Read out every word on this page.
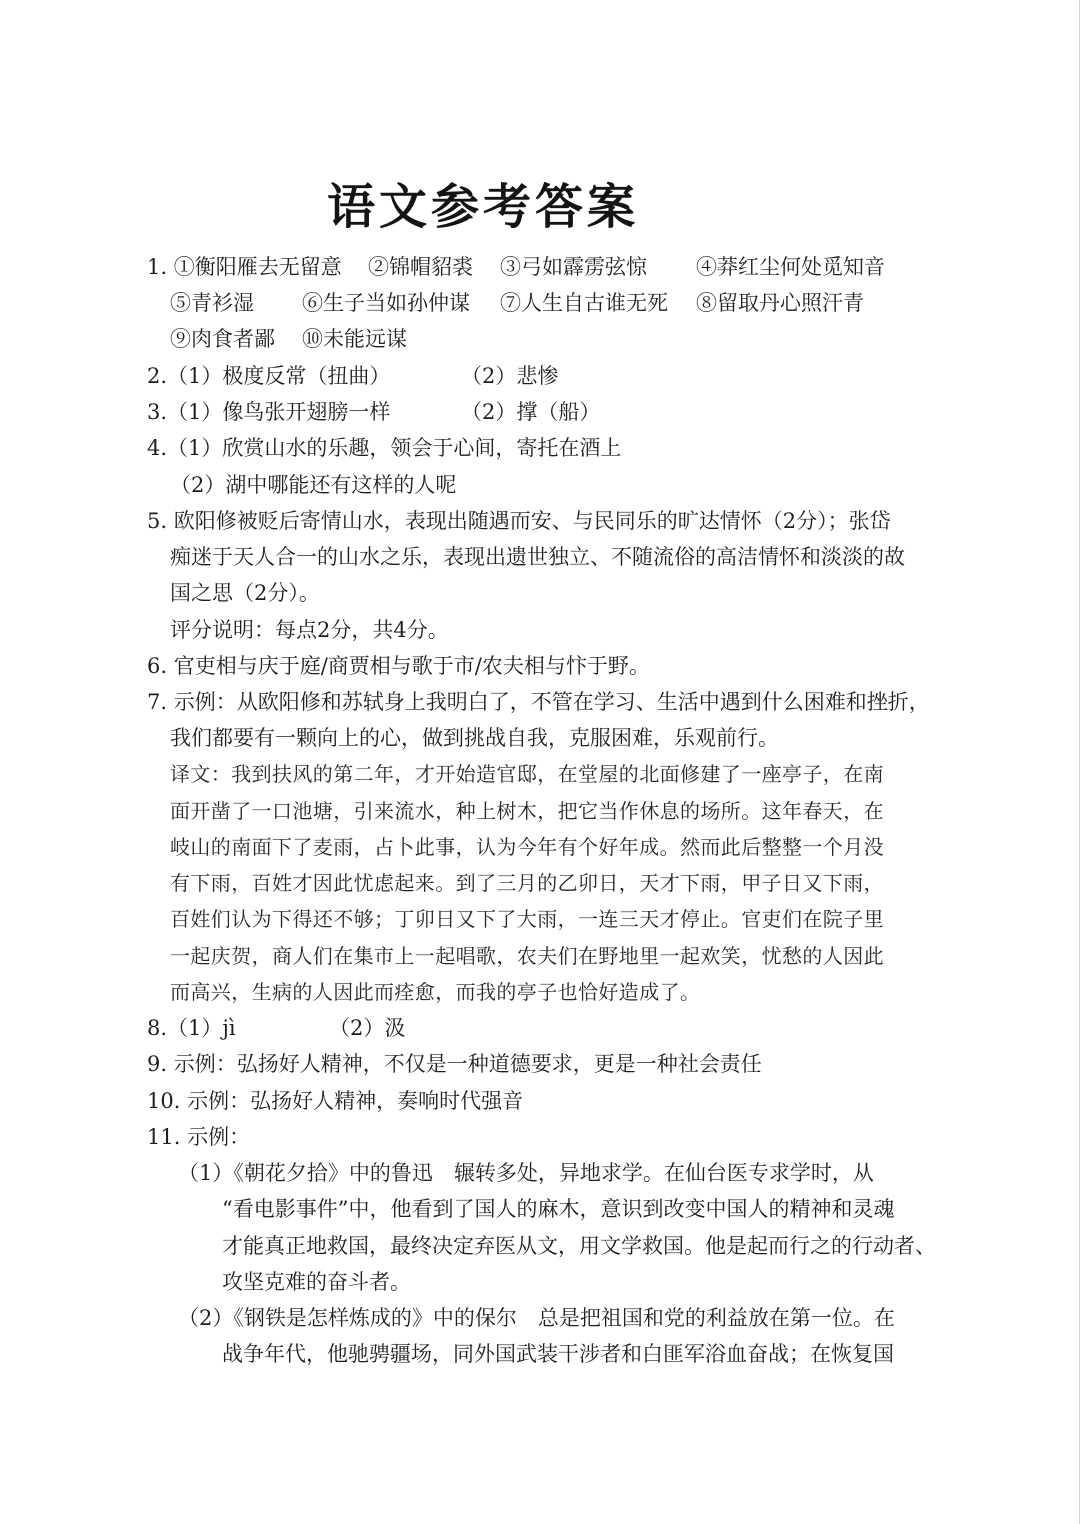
语文参考答案
1. ①衡阳雁去无留意 ②锦帽貂裘 ③弓如霹雳弦惊 ④莽红尘何处觅知音
⑤青衫湿 ⑥生子当如孙仲谋 ⑦人生自古谁无死 ⑧留取丹心照汗青
⑨肉食者鄙 ⑩未能远谋
2.（1）极度反常（扭曲）	（2）悲惨
3.（1）像鸟张开翅膀一样	（2）撑（船）
4.（1）欣赏山水的乐趣，领会于心间，寄托在酒上
（2）湖中哪能还有这样的人呢
5. 欧阳修被贬后寄情山水，表现出随遇而安、与民同乐的旷达情怀（2分）；张岱
痴迷于天人合一的山水之乐，表现出遗世独立、不随流俗的高洁情怀和淡淡的故
国之思（2分）。
评分说明：每点2分，共4分。
6. 官吏相与庆于庭/商贾相与歌于市/农夫相与忭于野。
7. 示例：从欧阳修和苏轼身上我明白了，不管在学习、生活中遇到什么困难和挫折，
我们都要有一颗向上的心，做到挑战自我，克服困难，乐观前行。
译文：我到扶风的第二年，才开始造官邸，在堂屋的北面修建了一座亭子，在南
面开凿了一口池塘，引来流水，种上树木，把它当作休息的场所。这年春天，在
岐山的南面下了麦雨，占卜此事，认为今年有个好年成。然而此后整整一个月没
有下雨，百姓才因此忧虑起来。到了三月的乙卯日，天才下雨，甲子日又下雨，
百姓们认为下得还不够；丁卯日又下了大雨，一连三天才停止。官吏们在院子里
一起庆贺，商人们在集市上一起唱歌，农夫们在野地里一起欢笑，忧愁的人因此
而高兴，生病的人因此而痊愈，而我的亭子也恰好造成了。
8.（1）jì	（2）汲
9. 示例：弘扬好人精神，不仅是一种道德要求，更是一种社会责任
10. 示例：弘扬好人精神，奏响时代强音
11. 示例：
（1）《朝花夕拾》中的鲁迅　辗转多处，异地求学。在仙台医专求学时，从
“看电影事件”中，他看到了国人的麻木，意识到改变中国人的精神和灵魂
才能真正地救国，最终决定弃医从文，用文学救国。他是起而行之的行动者、
攻坚克难的奋斗者。
（2）《钢铁是怎样炼成的》中的保尔　总是把祖国和党的利益放在第一位。在
战争年代，他驰骋疆场，同外国武装干涉者和白匪军浴血奋战；在恢复国
